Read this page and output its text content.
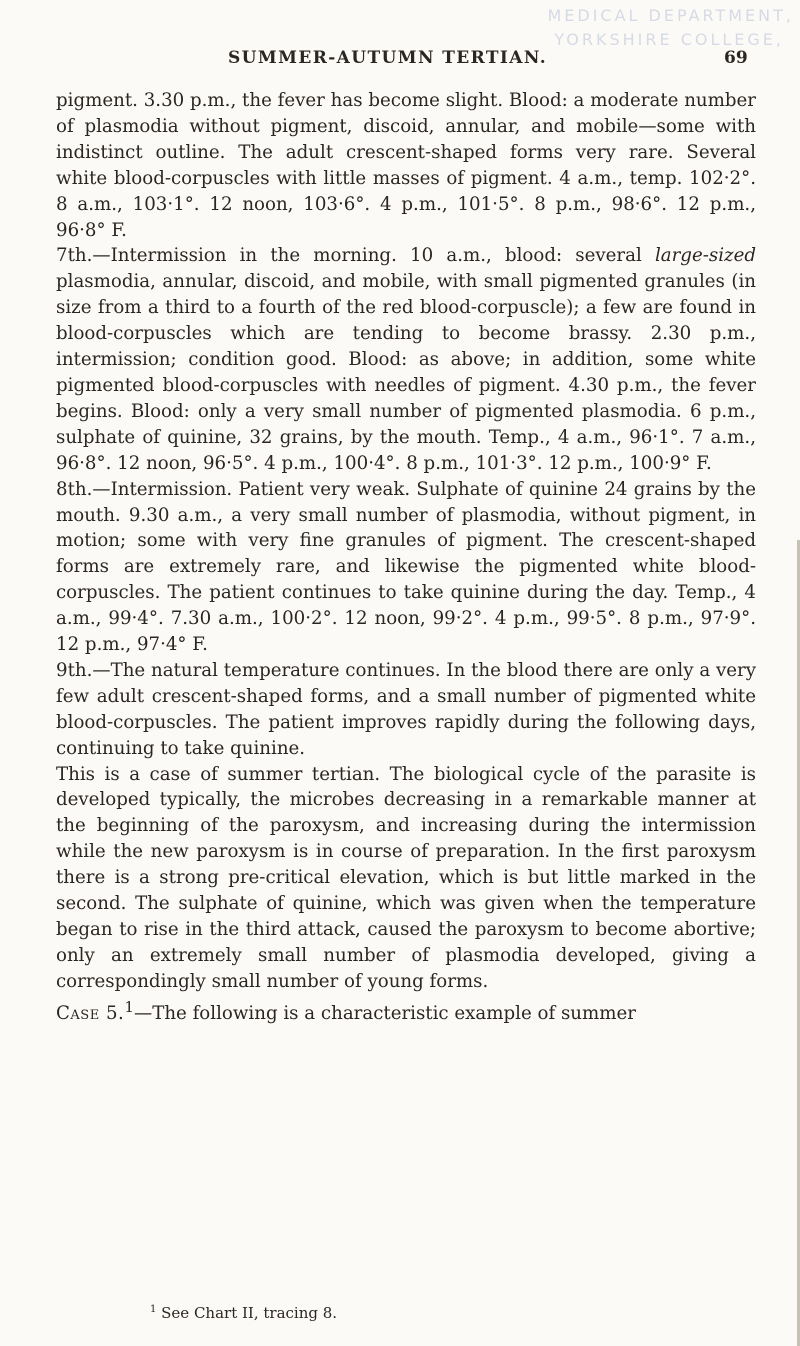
MEDICAL DEPARTMENT,
YORKSHIRE COLLEGE,
SUMMER-AUTUMN TERTIAN.	69

pigment. 3.30 p.m., the fever has become slight. Blood: a moderate number of plasmodia without pigment, discoid, annular, and mobile—some with indistinct outline. The adult crescent-shaped forms very rare. Several white blood-corpuscles with little masses of pigment. 4 a.m., temp. 102·2°. 8 a.m., 103·1°. 12 noon, 103·6°. 4 p.m., 101·5°. 8 p.m., 98·6°. 12 p.m., 96·8° F.

7th.—Intermission in the morning. 10 a.m., blood: several large-sized plasmodia, annular, discoid, and mobile, with small pigmented granules (in size from a third to a fourth of the red blood-corpuscle); a few are found in blood-corpuscles which are tending to become brassy. 2.30 p.m., intermission; condition good. Blood: as above; in addition, some white pigmented blood-corpuscles with needles of pigment. 4.30 p.m., the fever begins. Blood: only a very small number of pigmented plasmodia. 6 p.m., sulphate of quinine, 32 grains, by the mouth. Temp., 4 a.m., 96·1°. 7 a.m., 96·8°. 12 noon, 96·5°. 4 p.m., 100·4°. 8 p.m., 101·3°. 12 p.m., 100·9° F.

8th.—Intermission. Patient very weak. Sulphate of quinine 24 grains by the mouth. 9.30 a.m., a very small number of plasmodia, without pigment, in motion; some with very fine granules of pigment. The crescent-shaped forms are extremely rare, and likewise the pigmented white blood-corpuscles. The patient continues to take quinine during the day. Temp., 4 a.m., 99·4°. 7.30 a.m., 100·2°. 12 noon, 99·2°. 4 p.m., 99·5°. 8 p.m., 97·9°. 12 p.m., 97·4° F.

9th.—The natural temperature continues. In the blood there are only a very few adult crescent-shaped forms, and a small number of pigmented white blood-corpuscles. The patient improves rapidly during the following days, continuing to take quinine.

This is a case of summer tertian. The biological cycle of the parasite is developed typically, the microbes decreasing in a remarkable manner at the beginning of the paroxysm, and increasing during the intermission while the new paroxysm is in course of preparation. In the first paroxysm there is a strong pre-critical elevation, which is but little marked in the second. The sulphate of quinine, which was given when the temperature began to rise in the third attack, caused the paroxysm to become abortive; only an extremely small number of plasmodia developed, giving a correspondingly small number of young forms.

Case 5.$^1$—The following is a characteristic example of summer

$^1$ See Chart II, tracing 8.
